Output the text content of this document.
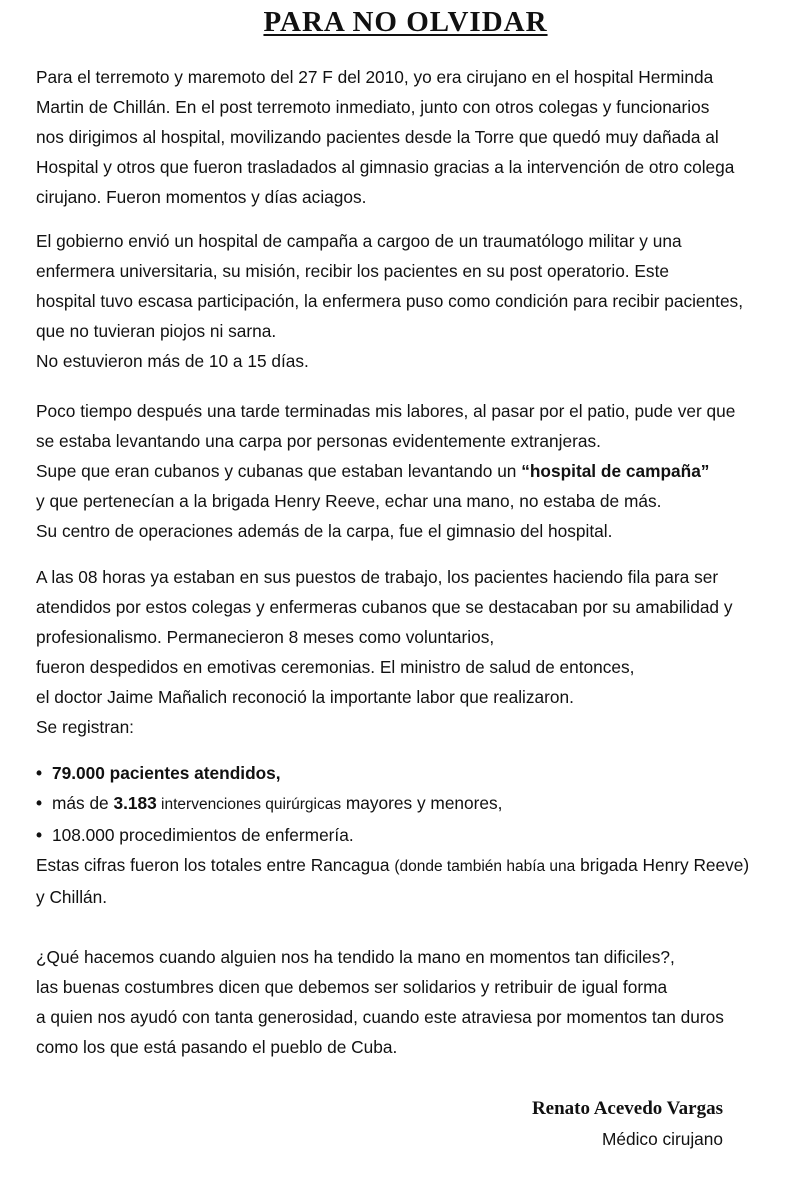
PARA NO OLVIDAR

Para el terremoto y maremoto del 27 F del 2010, yo era cirujano en el hospital Herminda
Martin de Chillán. En el post terremoto inmediato, junto con otros colegas y funcionarios
nos dirigimos al hospital, movilizando pacientes desde la Torre que quedó muy dañada al
Hospital y otros que fueron trasladados al gimnasio gracias a la intervención de otro colega
cirujano. Fueron momentos y días aciagos.

El gobierno envió un hospital de campaña a cargoo de un traumatólogo militar y una
enfermera universitaria, su misión, recibir los pacientes en su post operatorio. Este
hospital tuvo escasa participación, la enfermera puso como condición para recibir pacientes,
que no tuvieran piojos ni sarna.
No estuvieron más de 10 a 15 días.

Poco tiempo después una tarde terminadas mis labores, al pasar por el patio, pude ver que
se estaba levantando una carpa por personas evidentemente extranjeras.
Supe que eran cubanos y cubanas que estaban levantando un “hospital de campaña”
y que pertenecían a la brigada Henry Reeve, echar una mano, no estaba de más.
Su centro de operaciones además de la carpa, fue el gimnasio del hospital.

A las 08 horas ya estaban en sus puestos de trabajo, los pacientes haciendo fila para ser
atendidos por estos colegas y enfermeras cubanos que se destacaban por su amabilidad y
profesionalismo. Permanecieron 8 meses como voluntarios,
fueron despedidos en emotivas ceremonias. El ministro de salud de entonces,
el doctor Jaime Mañalich reconoció la importante labor que realizaron.
Se registran:

• 79.000 pacientes atendidos,
• más de 3.183 intervenciones quirúrgicas mayores y menores,
• 108.000 procedimientos de enfermería.

Estas cifras fueron los totales entre Rancagua (donde también había una brigada Henry Reeve)
y Chillán.

¿Qué hacemos cuando alguien nos ha tendido la mano en momentos tan dificiles?,
las buenas costumbres dicen que debemos ser solidarios y retribuir de igual forma
a quien nos ayudó con tanta generosidad, cuando este atraviesa por momentos tan duros
como los que está pasando el pueblo de Cuba.

Renato Acevedo Vargas
Médico cirujano
